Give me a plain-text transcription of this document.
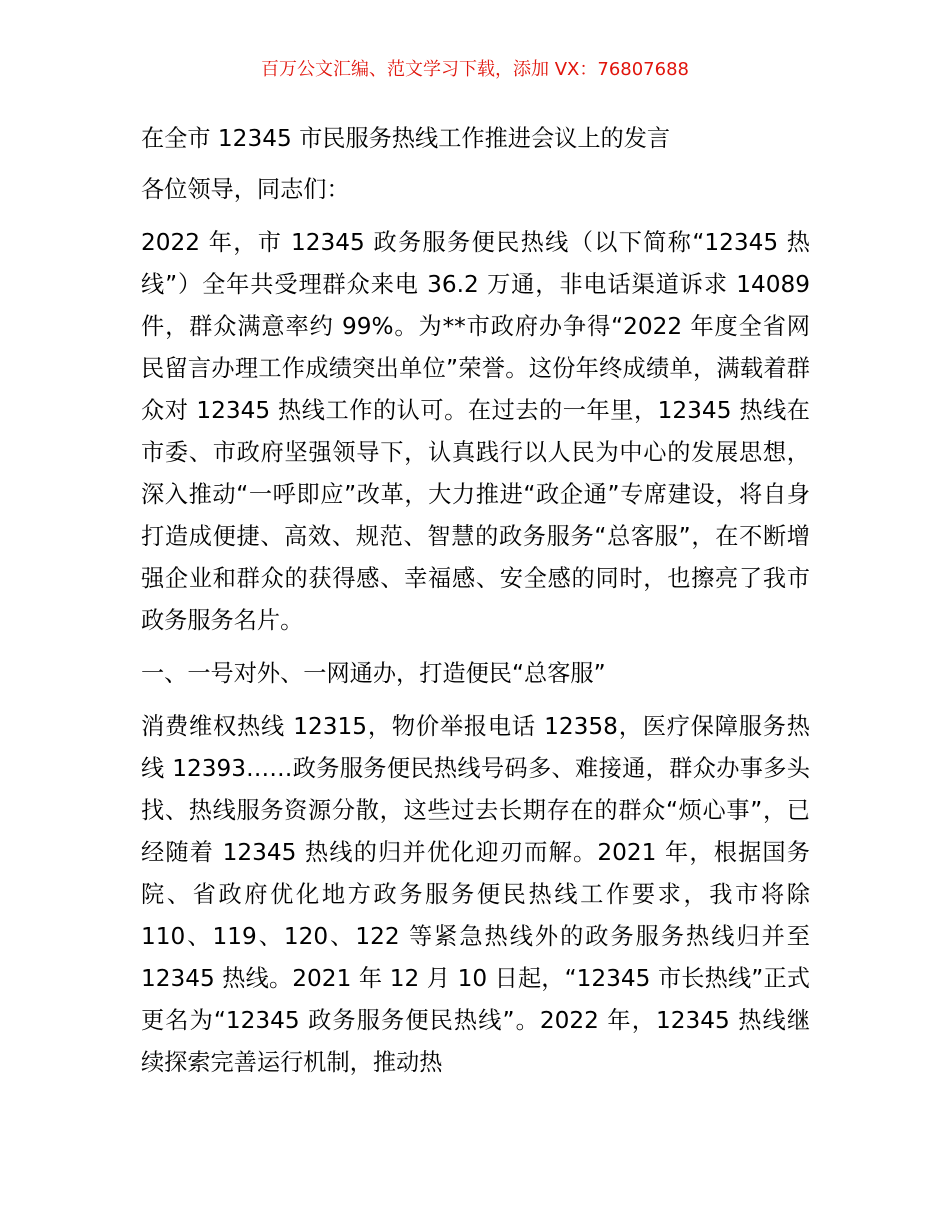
百万公文汇编、范文学习下载，添加 VX：76807688

在全市 12345 市民服务热线工作推进会议上的发言

各位领导，同志们：

2022 年，市 12345 政务服务便民热线（以下简称“12345 热线”）全年共受理群众来电 36.2 万通，非电话渠道诉求 14089 件，群众满意率约 99%。为**市政府办争得“2022 年度全省网民留言办理工作成绩突出单位”荣誉。这份年终成绩单，满载着群众对 12345 热线工作的认可。在过去的一年里，12345 热线在市委、市政府坚强领导下，认真践行以人民为中心的发展思想，深入推动“一呼即应”改革，大力推进“政企通”专席建设，将自身打造成便捷、高效、规范、智慧的政务服务“总客服”，在不断增强企业和群众的获得感、幸福感、安全感的同时，也擦亮了我市政务服务名片。

一、一号对外、一网通办，打造便民“总客服”

消费维权热线 12315，物价举报电话 12358，医疗保障服务热线 12393……政务服务便民热线号码多、难接通，群众办事多头找、热线服务资源分散，这些过去长期存在的群众“烦心事”，已经随着 12345 热线的归并优化迎刃而解。2021 年，根据国务院、省政府优化地方政务服务便民热线工作要求，我市将除 110、119、120、122 等紧急热线外的政务服务热线归并至 12345 热线。2021 年 12 月 10 日起，“12345 市长热线”正式更名为“12345 政务服务便民热线”。2022 年，12345 热线继续探索完善运行机制，推动热
